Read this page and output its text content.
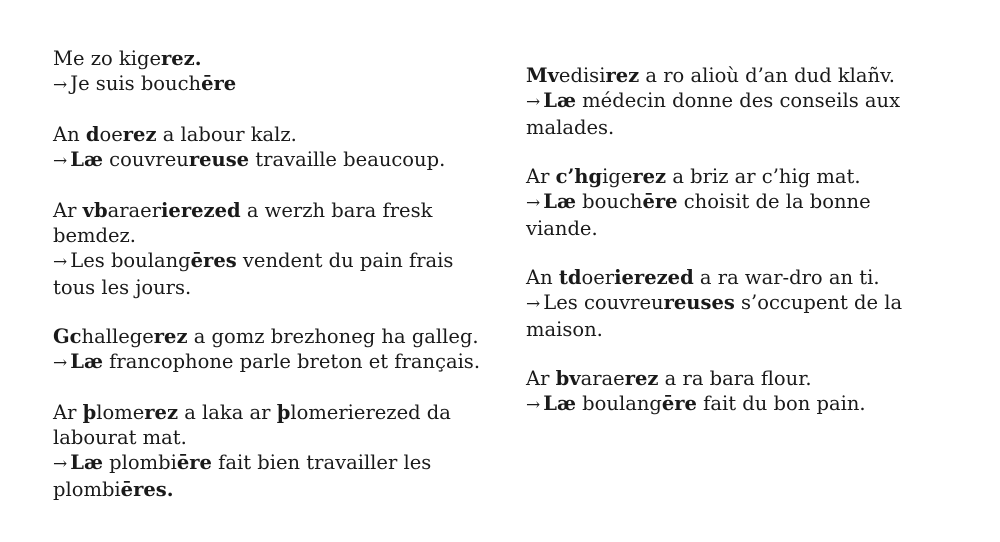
Me zo kigerez.
→ Je suis bouchēre
An doerez a labour kalz.
→ Læ couvreureuse travaille beaucoup.
Ar vbaraerierezed a werzh bara fresk bemdez.
→ Les boulangēres vendent du pain frais tous les jours.
Gchallegerez a gomz brezhoneg ha galleg.
→ Læ francophone parle breton et français.
Ar þlomerez a laka ar þlomerierezed da labourat mat.
→ Læ plombiēre fait bien travailler les plombiēres.
Mvedisirez a ro alioù d’an dud klañv.
→ Læ médecin donne des conseils aux malades.
Ar c’hgigerez a briz ar c’hig mat.
→ Læ bouchēre choisit de la bonne viande.
An tdoerierezed a ra war-dro an ti.
→ Les couvreureuses s’occupent de la maison.
Ar bvaraerez a ra bara flour.
→ Læ boulangēre fait du bon pain.
